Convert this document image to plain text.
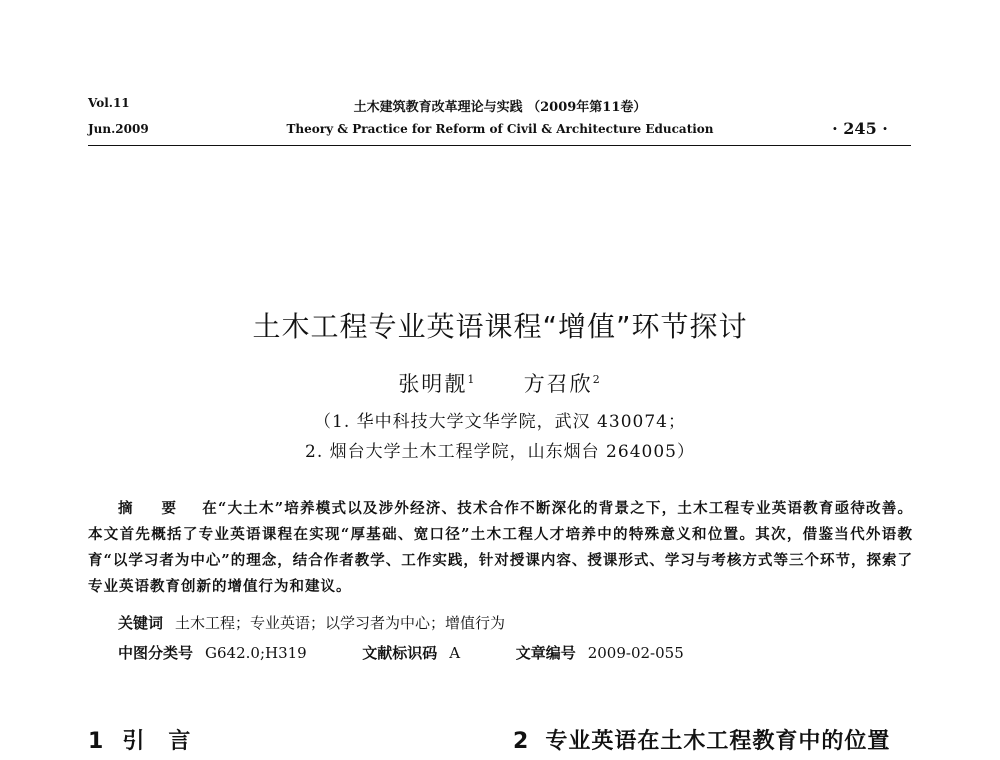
Vol.11
Jun.2009
土木建筑教育改革理论与实践 （2009年第11卷）
Theory & Practice for Reform of Civil & Architecture Education	· 245 ·
土木工程专业英语课程“增值”环节探讨
张明靓$^1$ 方召欣$^2$
（1. 华中科技大学文华学院，武汉 430074；
2. 烟台大学土木工程学院，山东烟台 264005）
摘 要 在“大土木”培养模式以及涉外经济、技术合作不断深化的背景之下，土木工程专业英语教育亟待改善。本文首先概括了专业英语课程在实现“厚基础、宽口径”土木工程人才培养中的特殊意义和位置。其次，借鉴当代外语教育“以学习者为中心”的理念，结合作者教学、工作实践，针对授课内容、授课形式、学习与考核方式等三个环节，探索了专业英语教育创新的增值行为和建议。
关键词 土木工程；专业英语；以学习者为中心；增值行为
中图分类号 G642.0;H319	文献标识码 A	文章编号 2009-02-055
1 引言	2 专业英语在土木工程教育中的位置
